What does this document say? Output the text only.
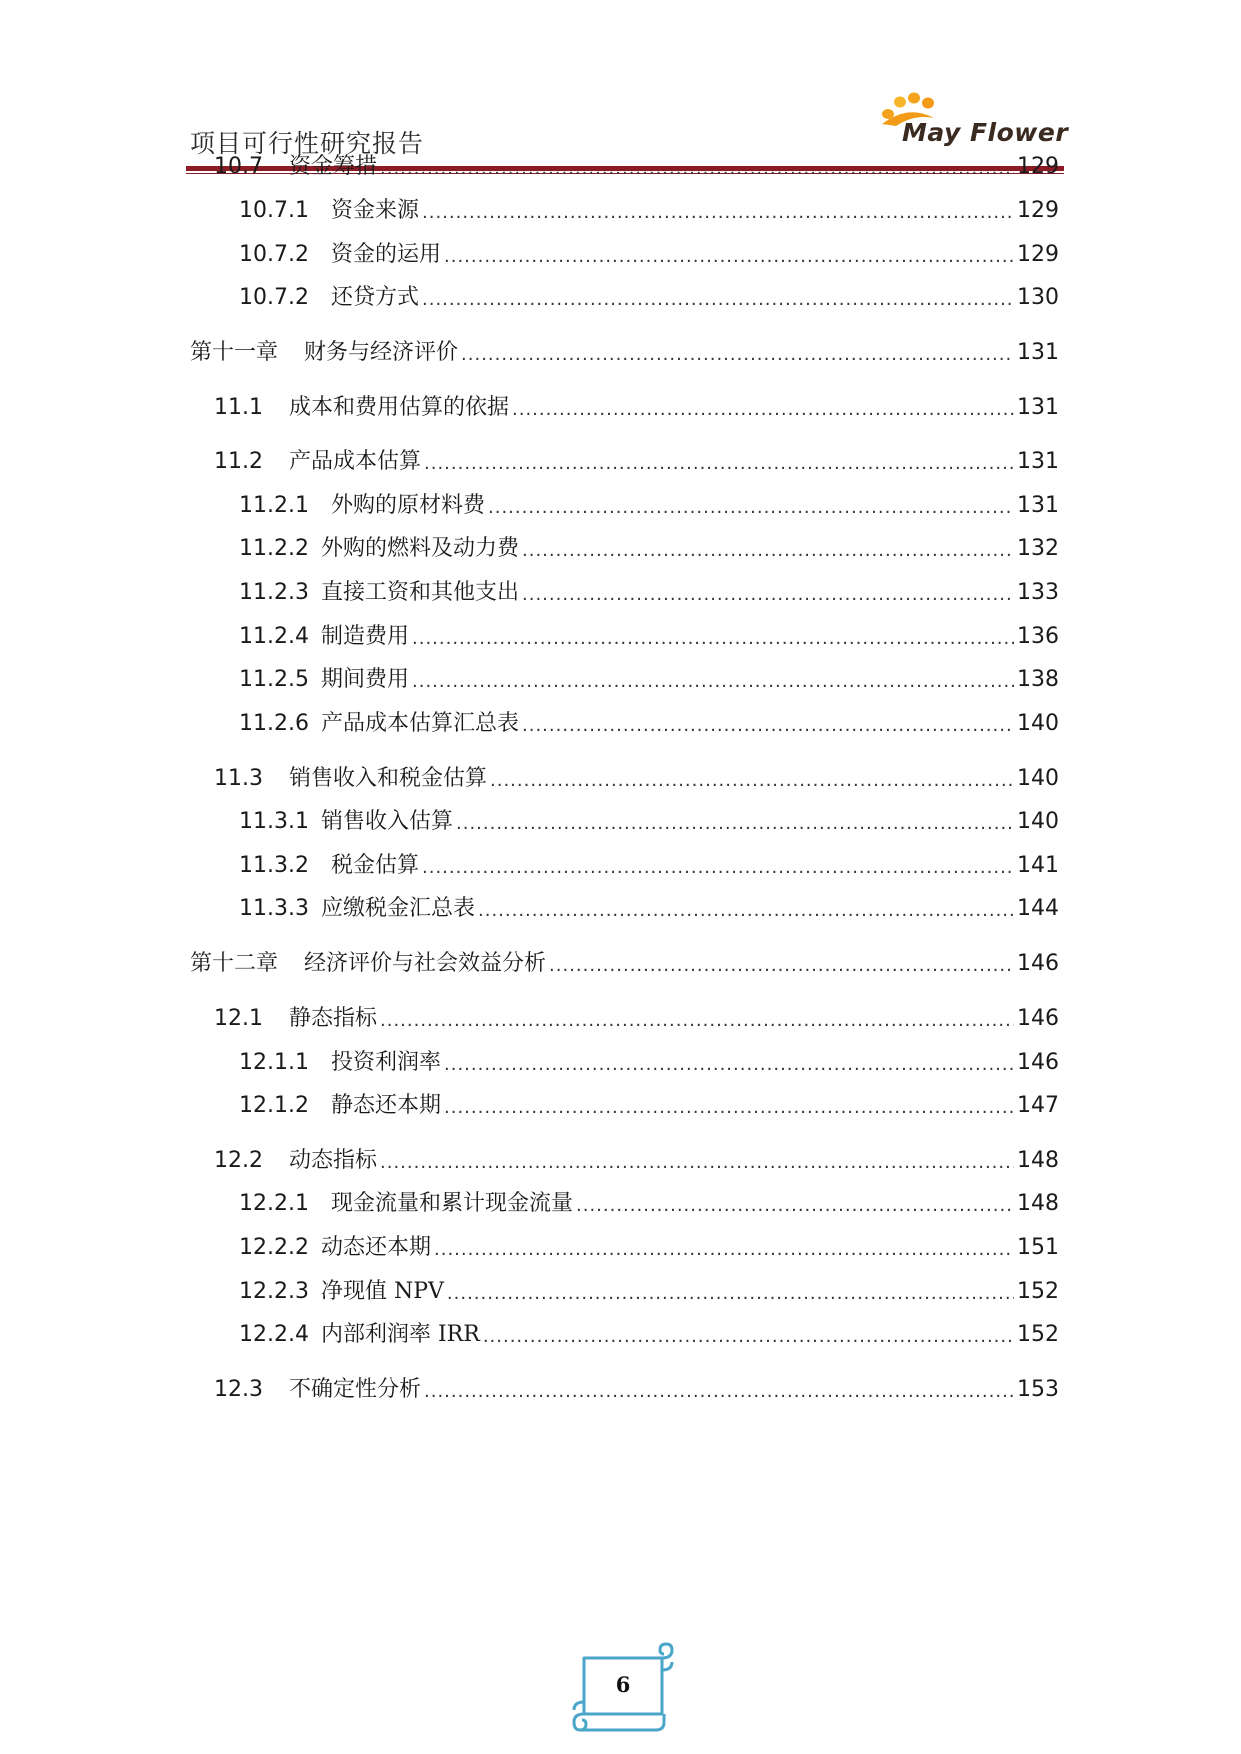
项目可行性研究报告	May Flower
10.7 资金筹措 .....	129
10.7.1 资金来源 .....	129
10.7.2 资金的运用 .....	129
10.7.2 还贷方式 .....	130
第十一章 财务与经济评价 .....	131
11.1 成本和费用估算的依据 .....	131
11.2 产品成本估算 .....	131
11.2.1 外购的原材料费 .....	131
11.2.2 外购的燃料及动力费 .....	132
11.2.3 直接工资和其他支出 .....	133
11.2.4 制造费用 .....	136
11.2.5 期间费用 .....	138
11.2.6 产品成本估算汇总表 .....	140
11.3 销售收入和税金估算 .....	140
11.3.1 销售收入估算 .....	140
11.3.2 税金估算 .....	141
11.3.3 应缴税金汇总表 .....	144
第十二章 经济评价与社会效益分析 .....	146
12.1 静态指标 .....	146
12.1.1 投资利润率 .....	146
12.1.2 静态还本期 .....	147
12.2 动态指标 .....	148
12.2.1 现金流量和累计现金流量 .....	148
12.2.2 动态还本期 .....	151
12.2.3 净现值 NPV .....	152
12.2.4 内部利润率 IRR .....	152
12.3 不确定性分析 .....	153
6
